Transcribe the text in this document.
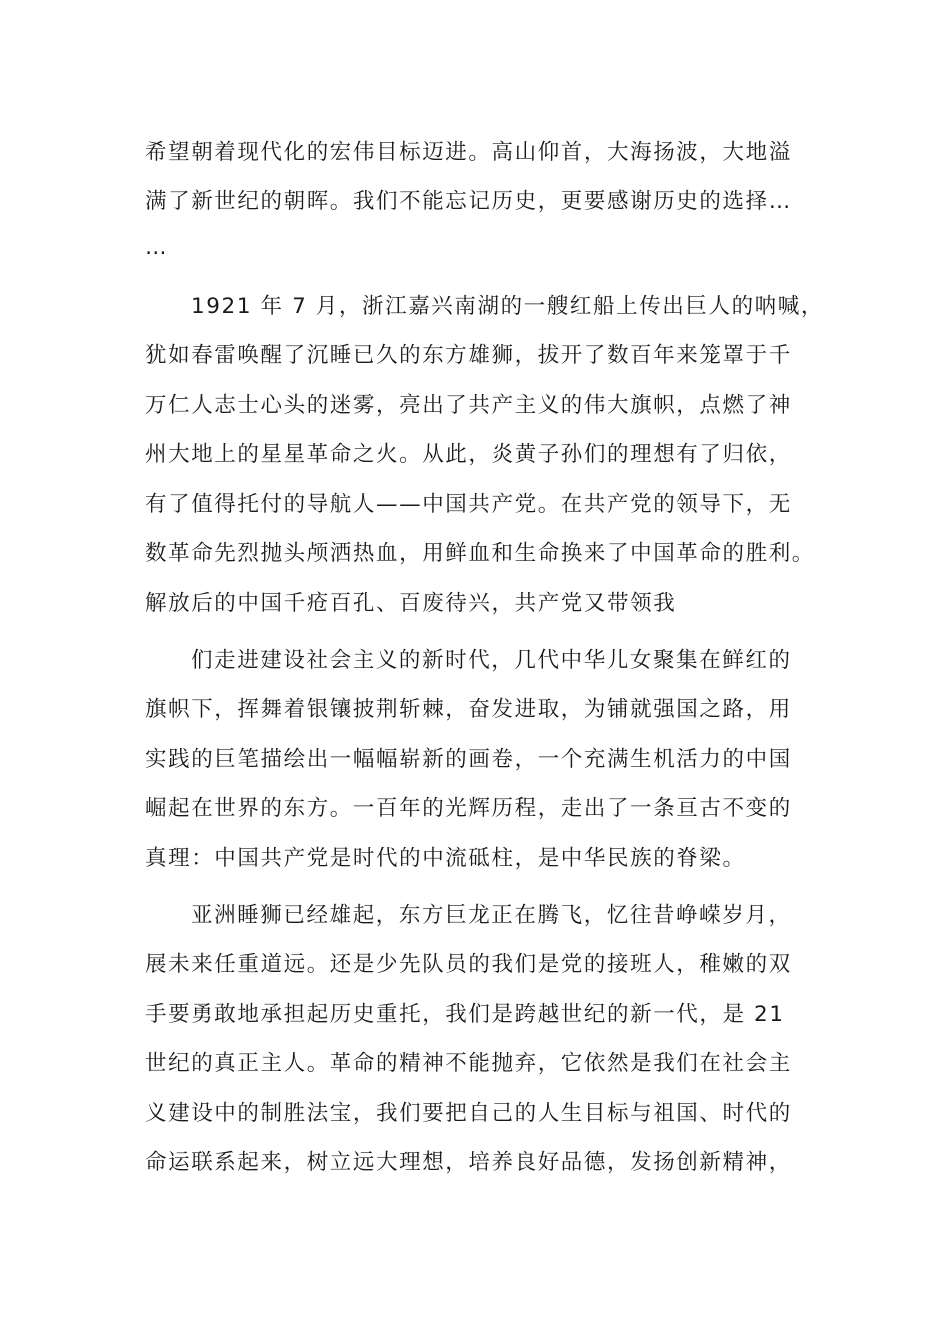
希望朝着现代化的宏伟目标迈进。高山仰首，大海扬波，大地溢

满了新世纪的朝晖。我们不能忘记历史，更要感谢历史的选择…

…

1921 年 7 月，浙江嘉兴南湖的一艘红船上传出巨人的呐喊，

犹如春雷唤醒了沉睡已久的东方雄狮，拔开了数百年来笼罩于千

万仁人志士心头的迷雾，亮出了共产主义的伟大旗帜，点燃了神

州大地上的星星革命之火。从此，炎黄子孙们的理想有了归依，

有了值得托付的导航人——中国共产党。在共产党的领导下，无

数革命先烈抛头颅洒热血，用鲜血和生命换来了中国革命的胜利。

解放后的中国千疮百孔、百废待兴，共产党又带领我

们走进建设社会主义的新时代，几代中华儿女聚集在鲜红的

旗帜下，挥舞着银镶披荆斩棘，奋发进取，为铺就强国之路，用

实践的巨笔描绘出一幅幅崭新的画卷，一个充满生机活力的中国

崛起在世界的东方。一百年的光辉历程，走出了一条亘古不变的

真理：中国共产党是时代的中流砥柱，是中华民族的脊梁。

亚洲睡狮已经雄起，东方巨龙正在腾飞，忆往昔峥嵘岁月，

展未来任重道远。还是少先队员的我们是党的接班人，稚嫩的双

手要勇敢地承担起历史重托，我们是跨越世纪的新一代，是 21

世纪的真正主人。革命的精神不能抛弃，它依然是我们在社会主

义建设中的制胜法宝，我们要把自己的人生目标与祖国、时代的

命运联系起来，树立远大理想，培养良好品德，发扬创新精神，
